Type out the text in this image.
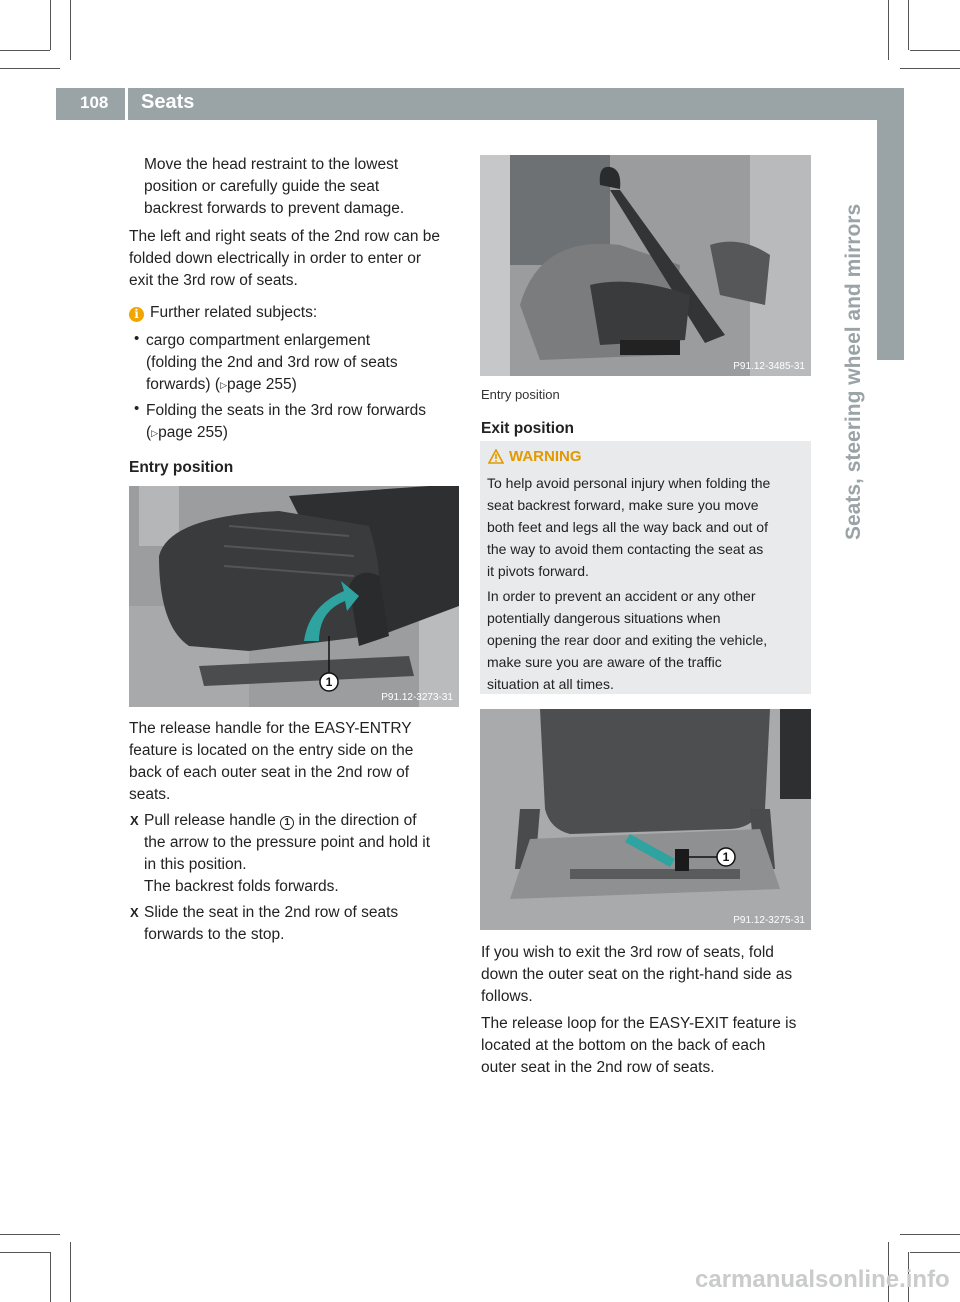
108 Seats
Seats, steering wheel and mirrors
Move the head restraint to the lowest
position or carefully guide the seat
backrest forwards to prevent damage.
The left and right seats of the 2nd row can be
folded down electrically in order to enter or
exit the 3rd row of seats.
i Further related subjects:
• cargo compartment enlargement
(folding the 2nd and 3rd row of seats
forwards) (▷page 255)
• Folding the seats in the 3rd row forwards
(▷page 255)
Entry position
1
P91.12-3273-31
The release handle for the EASY-ENTRY
feature is located on the entry side on the
back of each outer seat in the 2nd row of
seats.
X Pull release handle 1 in the direction of
the arrow to the pressure point and hold it
in this position.
The backrest folds forwards.
X Slide the seat in the 2nd row of seats
forwards to the stop.
P91.12-3485-31
Entry position
Exit position
WARNING
To help avoid personal injury when folding the
seat backrest forward, make sure you move
both feet and legs all the way back and out of
the way to avoid them contacting the seat as
it pivots forward.
In order to prevent an accident or any other
potentially dangerous situations when
opening the rear door and exiting the vehicle,
make sure you are aware of the traffic
situation at all times.
1
P91.12-3275-31
If you wish to exit the 3rd row of seats, fold
down the outer seat on the right-hand side as
follows.
The release loop for the EASY-EXIT feature is
located at the bottom on the back of each
outer seat in the 2nd row of seats.
carmanualsonline.info
